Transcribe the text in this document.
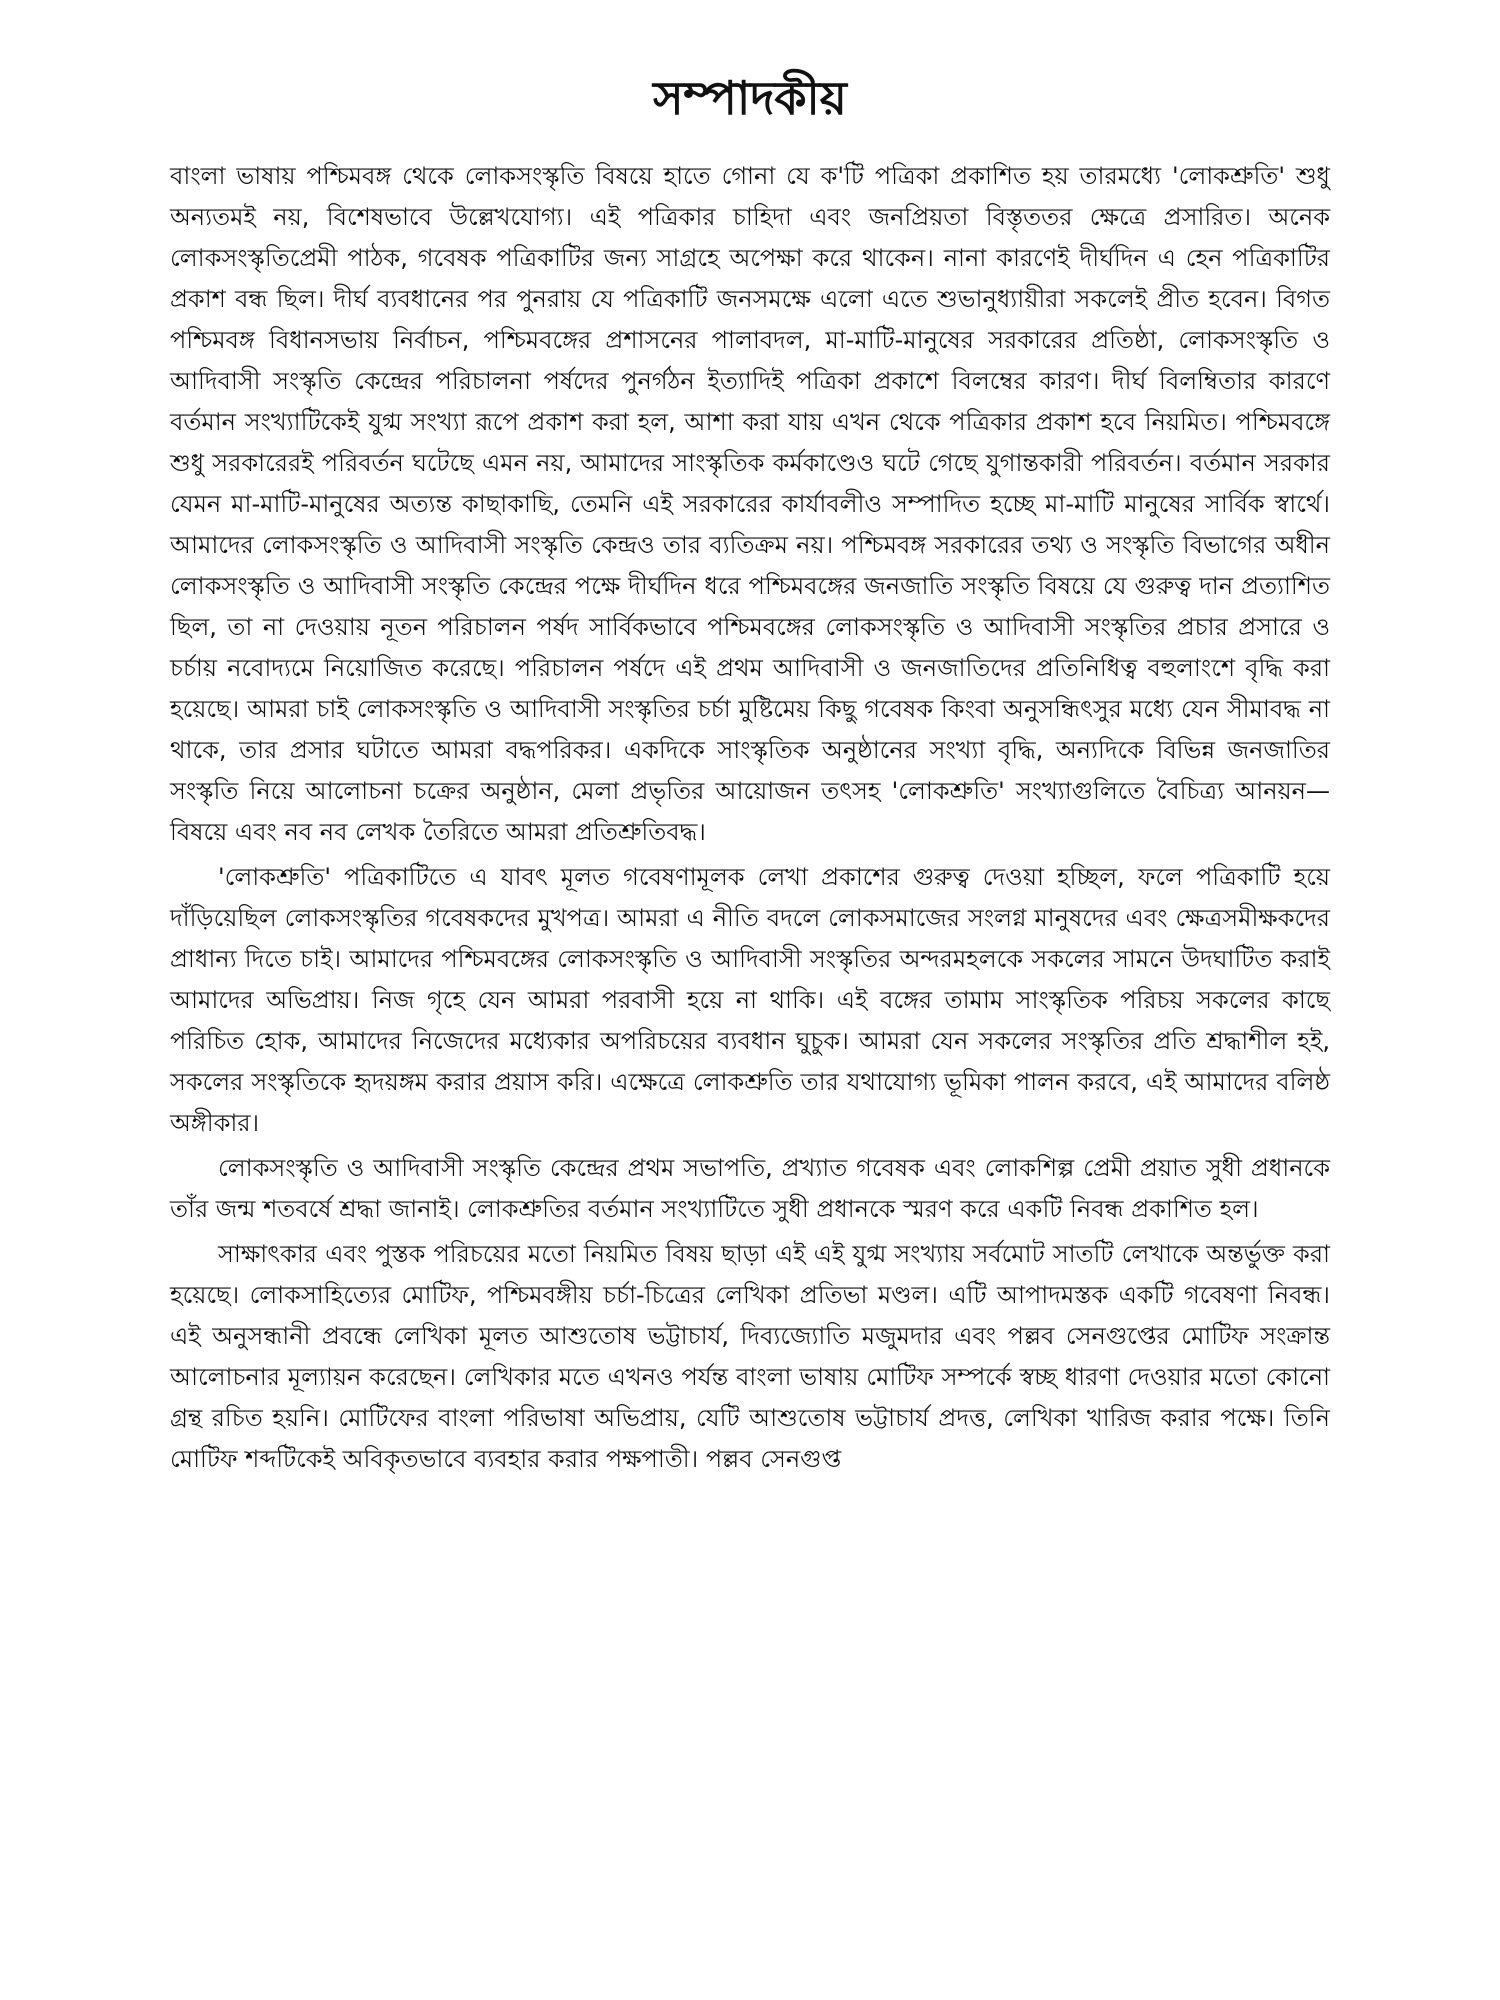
সম্পাদকীয়

বাংলা ভাষায় পশ্চিমবঙ্গ থেকে লোকসংস্কৃতি বিষয়ে হাতে গোনা যে ক'টি পত্রিকা প্রকাশিত হয় তারমধ্যে 'লোকশ্রুতি' শুধু অন্যতমই নয়, বিশেষভাবে উল্লেখযোগ্য। এই পত্রিকার চাহিদা এবং জনপ্রিয়তা বিস্তৃততর ক্ষেত্রে প্রসারিত। অনেক লোকসংস্কৃতিপ্রেমী পাঠক, গবেষক পত্রিকাটির জন্য সাগ্রহে অপেক্ষা করে থাকেন। নানা কারণেই দীর্ঘদিন এ হেন পত্রিকাটির প্রকাশ বন্ধ ছিল। দীর্ঘ ব্যবধানের পর পুনরায় যে পত্রিকাটি জনসমক্ষে এলো এতে শুভানুধ্যায়ীরা সকলেই প্রীত হবেন। বিগত পশ্চিমবঙ্গ বিধানসভায় নির্বাচন, পশ্চিমবঙ্গের প্রশাসনের পালাবদল, মা-মাটি-মানুষের সরকারের প্রতিষ্ঠা, লোকসংস্কৃতি ও আদিবাসী সংস্কৃতি কেন্দ্রের পরিচালনা পর্ষদের পুনর্গঠন ইত্যাদিই পত্রিকা প্রকাশে বিলম্বের কারণ। দীর্ঘ বিলম্বিতার কারণে বর্তমান সংখ্যাটিকেই যুগ্ম সংখ্যা রূপে প্রকাশ করা হল, আশা করা যায় এখন থেকে পত্রিকার প্রকাশ হবে নিয়মিত। পশ্চিমবঙ্গে শুধু সরকারেরই পরিবর্তন ঘটেছে এমন নয়, আমাদের সাংস্কৃতিক কর্মকাণ্ডেও ঘটে গেছে যুগান্তকারী পরিবর্তন। বর্তমান সরকার যেমন মা-মাটি-মানুষের অত্যন্ত কাছাকাছি, তেমনি এই সরকারের কার্যাবলীও সম্পাদিত হচ্ছে মা-মাটি মানুষের সার্বিক স্বার্থে। আমাদের লোকসংস্কৃতি ও আদিবাসী সংস্কৃতি কেন্দ্রও তার ব্যতিক্রম নয়। পশ্চিমবঙ্গ সরকারের তথ্য ও সংস্কৃতি বিভাগের অধীন লোকসংস্কৃতি ও আদিবাসী সংস্কৃতি কেন্দ্রের পক্ষে দীর্ঘদিন ধরে পশ্চিমবঙ্গের জনজাতি সংস্কৃতি বিষয়ে যে গুরুত্ব দান প্রত্যাশিত ছিল, তা না দেওয়ায় নূতন পরিচালন পর্ষদ সার্বিকভাবে পশ্চিমবঙ্গের লোকসংস্কৃতি ও আদিবাসী সংস্কৃতির প্রচার প্রসারে ও চর্চায় নবোদ্যমে নিয়োজিত করেছে। পরিচালন পর্ষদে এই প্রথম আদিবাসী ও জনজাতিদের প্রতিনিধিত্ব বহুলাংশে বৃদ্ধি করা হয়েছে। আমরা চাই লোকসংস্কৃতি ও আদিবাসী সংস্কৃতির চর্চা মুষ্টিমেয় কিছু গবেষক কিংবা অনুসন্ধিৎসুর মধ্যে যেন সীমাবদ্ধ না থাকে, তার প্রসার ঘটাতে আমরা বদ্ধপরিকর। একদিকে সাংস্কৃতিক অনুষ্ঠানের সংখ্যা বৃদ্ধি, অন্যদিকে বিভিন্ন জনজাতির সংস্কৃতি নিয়ে আলোচনা চক্রের অনুষ্ঠান, মেলা প্রভৃতির আয়োজন তৎসহ 'লোকশ্রুতি' সংখ্যাগুলিতে বৈচিত্র্য আনয়ন—বিষয়ে এবং নব নব লেখক তৈরিতে আমরা প্রতিশ্রুতিবদ্ধ।

'লোকশ্রুতি' পত্রিকাটিতে এ যাবৎ মূলত গবেষণামূলক লেখা প্রকাশের গুরুত্ব দেওয়া হচ্ছিল, ফলে পত্রিকাটি হয়ে দাঁড়িয়েছিল লোকসংস্কৃতির গবেষকদের মুখপত্র। আমরা এ নীতি বদলে লোকসমাজের সংলগ্ন মানুষদের এবং ক্ষেত্রসমীক্ষকদের প্রাধান্য দিতে চাই। আমাদের পশ্চিমবঙ্গের লোকসংস্কৃতি ও আদিবাসী সংস্কৃতির অন্দরমহলকে সকলের সামনে উদঘাটিত করাই আমাদের অভিপ্রায়। নিজ গৃহে যেন আমরা পরবাসী হয়ে না থাকি। এই বঙ্গের তামাম সাংস্কৃতিক পরিচয় সকলের কাছে পরিচিত হোক, আমাদের নিজেদের মধ্যেকার অপরিচয়ের ব্যবধান ঘুচুক। আমরা যেন সকলের সংস্কৃতির প্রতি শ্রদ্ধাশীল হই, সকলের সংস্কৃতিকে হৃদয়ঙ্গম করার প্রয়াস করি। এক্ষেত্রে লোকশ্রুতি তার যথাযোগ্য ভূমিকা পালন করবে, এই আমাদের বলিষ্ঠ অঙ্গীকার।

লোকসংস্কৃতি ও আদিবাসী সংস্কৃতি কেন্দ্রের প্রথম সভাপতি, প্রখ্যাত গবেষক এবং লোকশিল্প প্রেমী প্রয়াত সুধী প্রধানকে তাঁর জন্ম শতবর্ষে শ্রদ্ধা জানাই। লোকশ্রুতির বর্তমান সংখ্যাটিতে সুধী প্রধানকে স্মরণ করে একটি নিবন্ধ প্রকাশিত হল।

সাক্ষাৎকার এবং পুস্তক পরিচয়ের মতো নিয়মিত বিষয় ছাড়া এই এই যুগ্ম সংখ্যায় সর্বমোট সাতটি লেখাকে অন্তর্ভুক্ত করা হয়েছে। লোকসাহিত্যের মোটিফ, পশ্চিমবঙ্গীয় চর্চা-চিত্রের লেখিকা প্রতিভা মণ্ডল। এটি আপাদমস্তক একটি গবেষণা নিবন্ধ। এই অনুসন্ধানী প্রবন্ধে লেখিকা মূলত আশুতোষ ভট্টাচার্য, দিব্যজ্যোতি মজুমদার এবং পল্লব সেনগুপ্তের মোটিফ সংক্রান্ত আলোচনার মূল্যায়ন করেছেন। লেখিকার মতে এখনও পর্যন্ত বাংলা ভাষায় মোটিফ সম্পর্কে স্বচ্ছ ধারণা দেওয়ার মতো কোনো গ্রন্থ রচিত হয়নি। মোটিফের বাংলা পরিভাষা অভিপ্রায়, যেটি আশুতোষ ভট্টাচার্য প্রদত্ত, লেখিকা খারিজ করার পক্ষে। তিনি মোটিফ শব্দটিকেই অবিকৃতভাবে ব্যবহার করার পক্ষপাতী। পল্লব সেনগুপ্ত
